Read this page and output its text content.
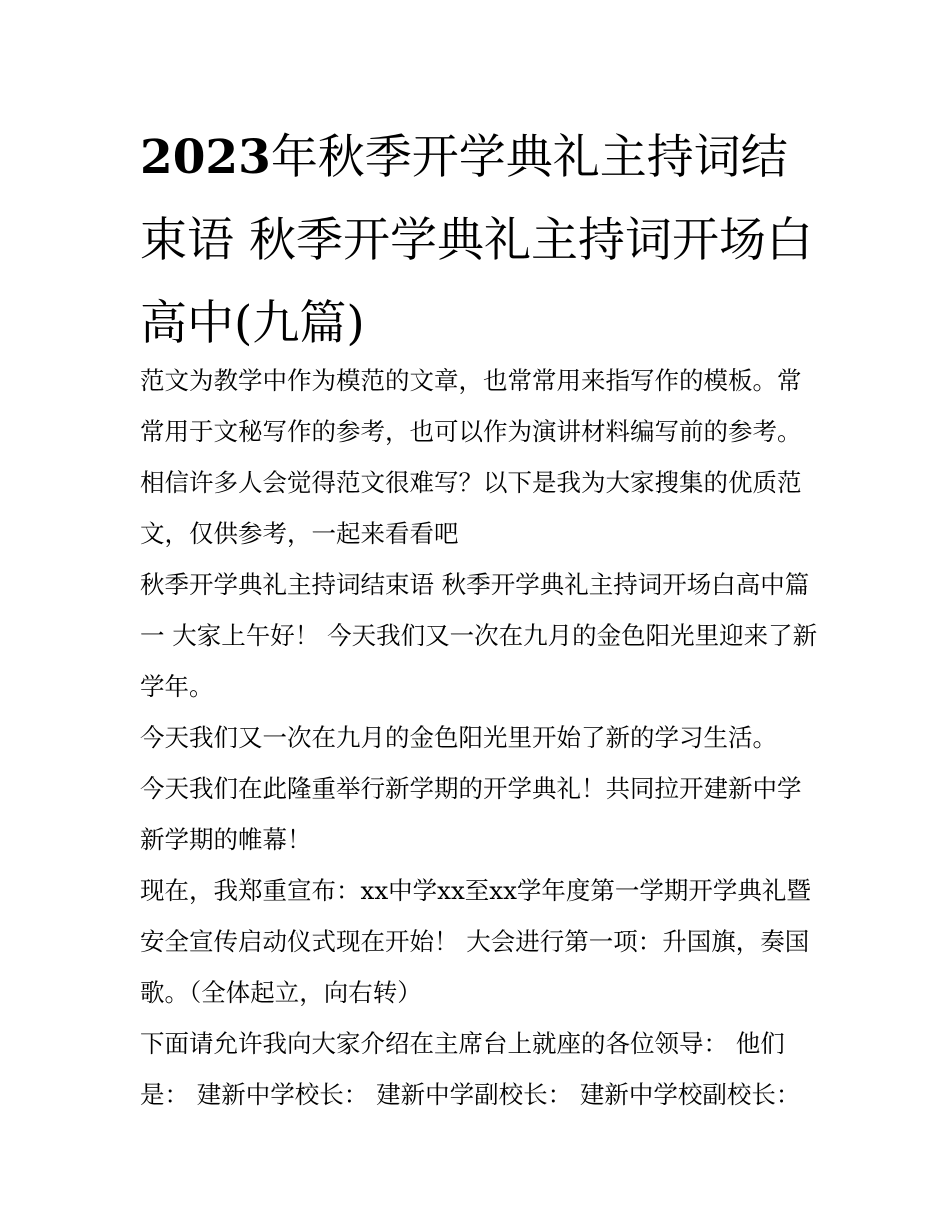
2023年秋季开学典礼主持词结束语 秋季开学典礼主持词开场白高中(九篇)

范文为教学中作为模范的文章，也常常用来指写作的模板。常常用于文秘写作的参考，也可以作为演讲材料编写前的参考。相信许多人会觉得范文很难写？以下是我为大家搜集的优质范文，仅供参考，一起来看看吧

秋季开学典礼主持词结束语 秋季开学典礼主持词开场白高中篇一 大家上午好！ 今天我们又一次在九月的金色阳光里迎来了新学年。

今天我们又一次在九月的金色阳光里开始了新的学习生活。

今天我们在此隆重举行新学期的开学典礼！共同拉开建新中学新学期的帷幕！

现在，我郑重宣布：xx中学xx至xx学年度第一学期开学典礼暨安全宣传启动仪式现在开始！ 大会进行第一项：升国旗，奏国歌。（全体起立，向右转）

下面请允许我向大家介绍在主席台上就座的各位领导： 他们是： 建新中学校长： 建新中学副校长： 建新中学校副校长：
